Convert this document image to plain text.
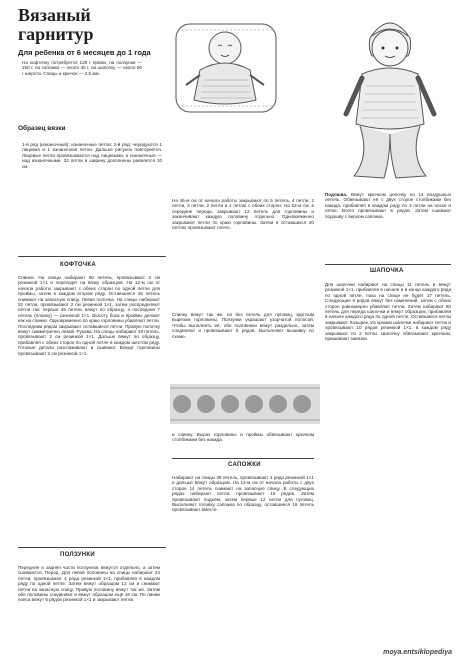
Вязаный гарнитур
Для ребенка от 6 месяцев до 1 года
На кофточку потребуется 125 г пряжи, на ползунки — 150 г, на сапожки — около 40 г, на шапочку — около 90 г шерсти. Спицы и крючок — 2,5 мм.
Образец вязки
1-й ряд (изнаночный): изнаночные петли; 2-й ряд: чередуются 1 лицевая и 1 изнаночная петли. Дальше рисунок повторяется. Лицевые петли провязываются над лицевыми, а изнаночные — над изнаночными. 32 петли в ширину дополнены равняется 10 см.
КОФТОЧКА
Спинка. На спицы набирают 90 петель, провязывают 2 см резинкой 1×1 и переходят на вязку образцом. На 12-м см от начала работы закрывают с обеих сторон по одной петле для проймы, затем в каждом втором ряду. Оставшиеся 26 петель снимают на запасную спицу. Левая полочка. На спицы набирают 52 петли, провязывают 2 см резинкой 1×1, затем распределяют петли так: первые 45 петель вяжут по образцу, а последние 7 петель (планку) — резинкой 1×1. Высоту бока и проймы делают как на спинке. Одновременно по краю горловины убавляют петли. Последним рядом закрывают оставшиеся петли. Правую полочку вяжут симметрично левой. Рукава. На спицы набирают 48 петель, провязывают 2 см резинкой 1×1. Дальше вяжут по образцу, прибавляя с обеих сторон по одной петле в каждом шестом ряду. Готовые детали разглаживают и сшивают. Вокруг горловины провязывают 2 см резинкой 1×1.
ПОЛЗУНКИ
Передняя и задняя части ползунков вяжутся отдельно, а затем сшиваются. Перед. Для левой половины на спицы набирают 24 петли, провязывают 4 ряда резинкой 1×1, прибавляя в каждом ряду по одной петле. Затем вяжут образцом 12 см и снимают петли на запасную спицу. Правую половину вяжут так же. Затем обе половины соединяют и вяжут образцом ещё 16 см. По линии пояса вяжут 6 рядов резинкой 1×1 и закрывают петли.
На 46-м см от начала работы закрывают по 5 петель, 4 петли, 2 петли, 3 петли, 2 петли и 1 петлю с обеих сторон. На 52-м см, в середине переда, закрывают 12 петель для горловины и заканчивают каждую половину отдельно. Одновременно закрывают петли по краю горловины. Затем в оставшихся 20 петлях провязывают плечо.
Спинку вяжут так же, но без петель для пуговиц, круглым вырезом горловины. Ползунки украшают узорчатой полосой. Чтобы выполнить её, обе половинки вяжут раздельно, затем соединяют и провязывают 5 рядов. Выполняют вышивку по схеме.
и спинку. Вырез горловины и проймы обвязывают крючком столбиками без накида.
САПОЖКИ
Набирают на спицы 49 петель, провязывают 4 ряда резинкой 1×1 и дальше вяжут образцом. На 12-м см от начала работы с двух сторон 14 петель снимают на запасную спицу. В следующих рядах набирают петли, провязывают 16 рядов. Затем провязывают подъём, затем первые 12 петли для пуговиц. Выполняют головку сапожка по образцу, оставшиеся 16 петель провязывают вместе.
Подошва. Вяжут крючком цепочку из 14 воздушных петель. Обвязывают её с двух сторон столбиками без накида, прибавляя в каждом ряду по 3 петли на носке и пятке. Всего провязывают 5 рядов. Затем сшивают подошву с верхом сапожка.
ШАПОЧКА
Для шапочки набирают на спицы 11 петель и вяжут резинкой 1×1, прибавляя в начале и в конце каждого ряда по одной петле, пока на спице не будет 17 петель. Следующие 6 рядов вяжут без изменений, затем с обеих сторон равномерно убавляют петли. Затем набирают 80 петель для переда шапочки и вяжут образцом, прибавляя в начале каждого ряда по одной петле. Оставшиеся петли закрывают. Козырек. Из кромки шапочки набирают петли и провязывают 10 рядов резинкой 1×1, в каждом ряду закрывают по 2 петли. Шапочку обвязывают крючком, пришивают завязки.
moya.entsiklopediya
